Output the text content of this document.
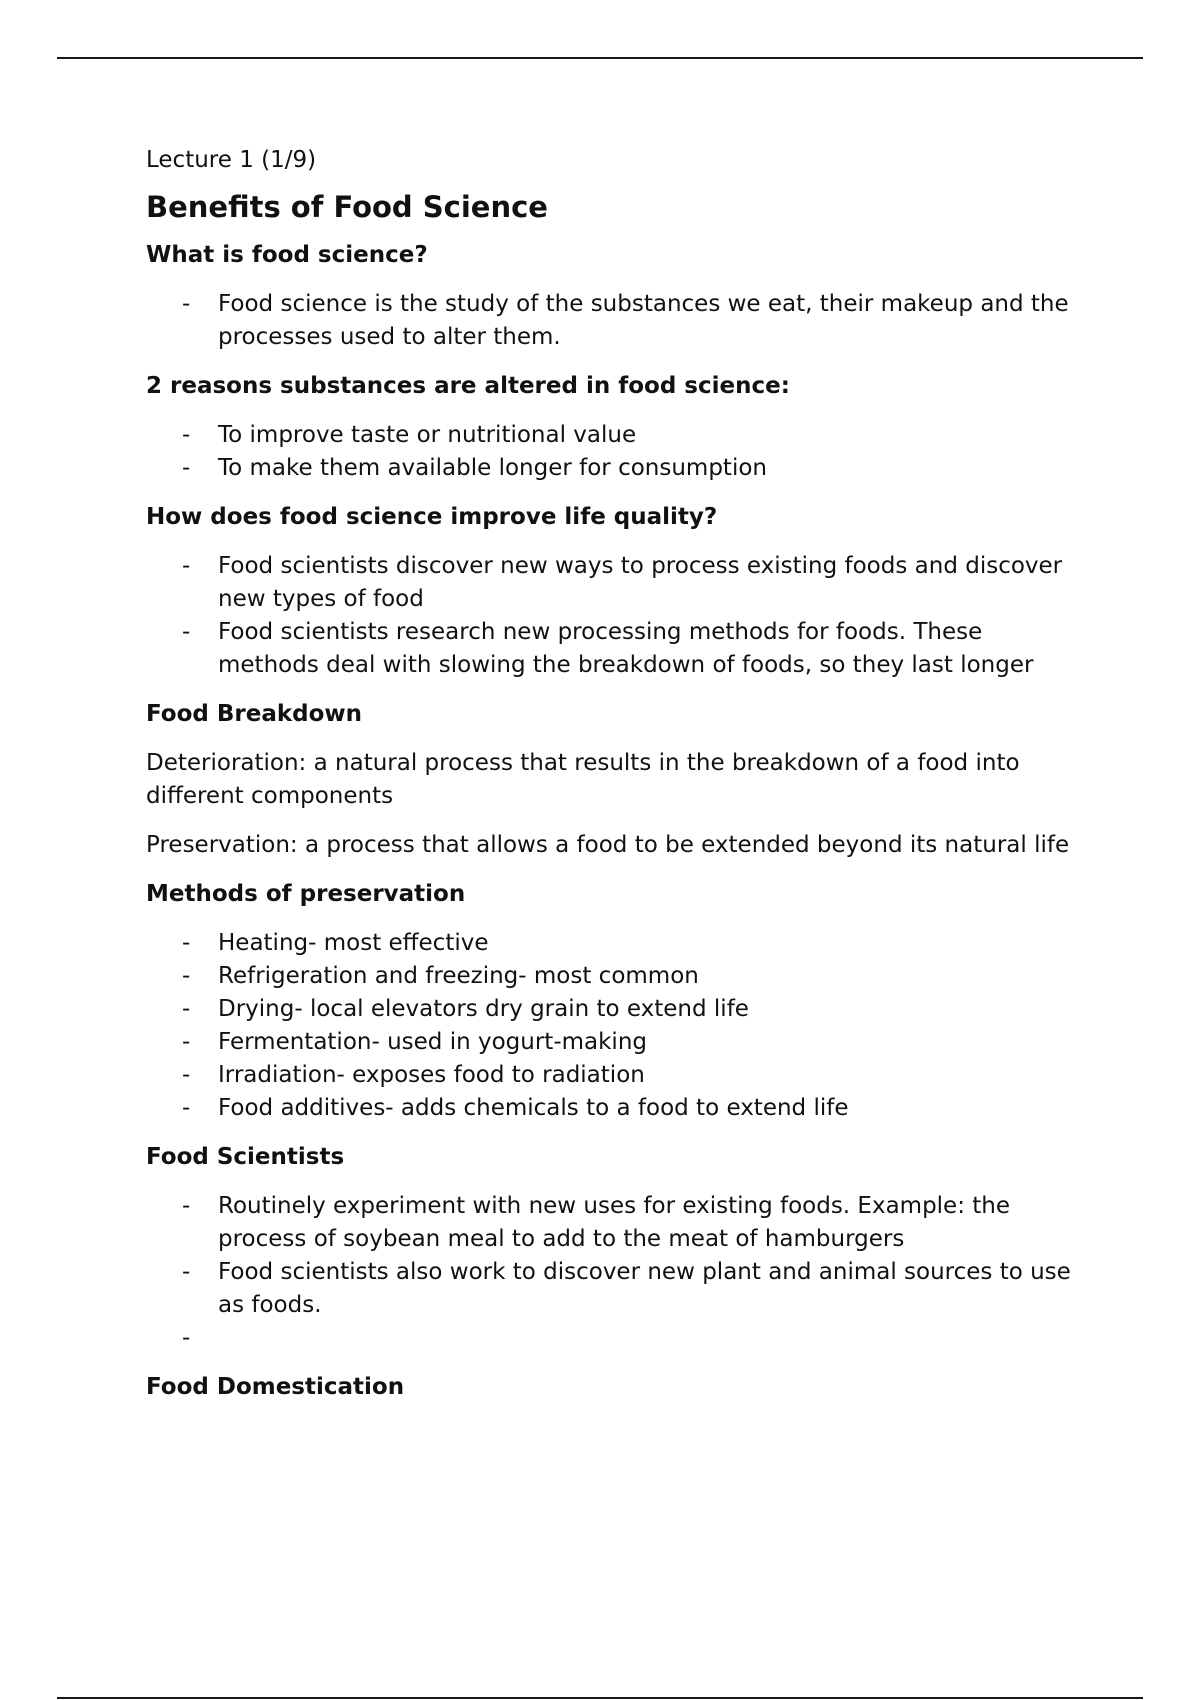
Lecture 1 (1/9)
Benefits of Food Science
What is food science?
- Food science is the study of the substances we eat, their makeup and the processes used to alter them.
2 reasons substances are altered in food science:
- To improve taste or nutritional value
- To make them available longer for consumption
How does food science improve life quality?
- Food scientists discover new ways to process existing foods and discover new types of food
- Food scientists research new processing methods for foods. These methods deal with slowing the breakdown of foods, so they last longer
Food Breakdown
Deterioration: a natural process that results in the breakdown of a food into different components
Preservation: a process that allows a food to be extended beyond its natural life
Methods of preservation
- Heating- most effective
- Refrigeration and freezing- most common
- Drying- local elevators dry grain to extend life
- Fermentation- used in yogurt-making
- Irradiation- exposes food to radiation
- Food additives- adds chemicals to a food to extend life
Food Scientists
- Routinely experiment with new uses for existing foods. Example: the process of soybean meal to add to the meat of hamburgers
- Food scientists also work to discover new plant and animal sources to use as foods.
-
Food Domestication
